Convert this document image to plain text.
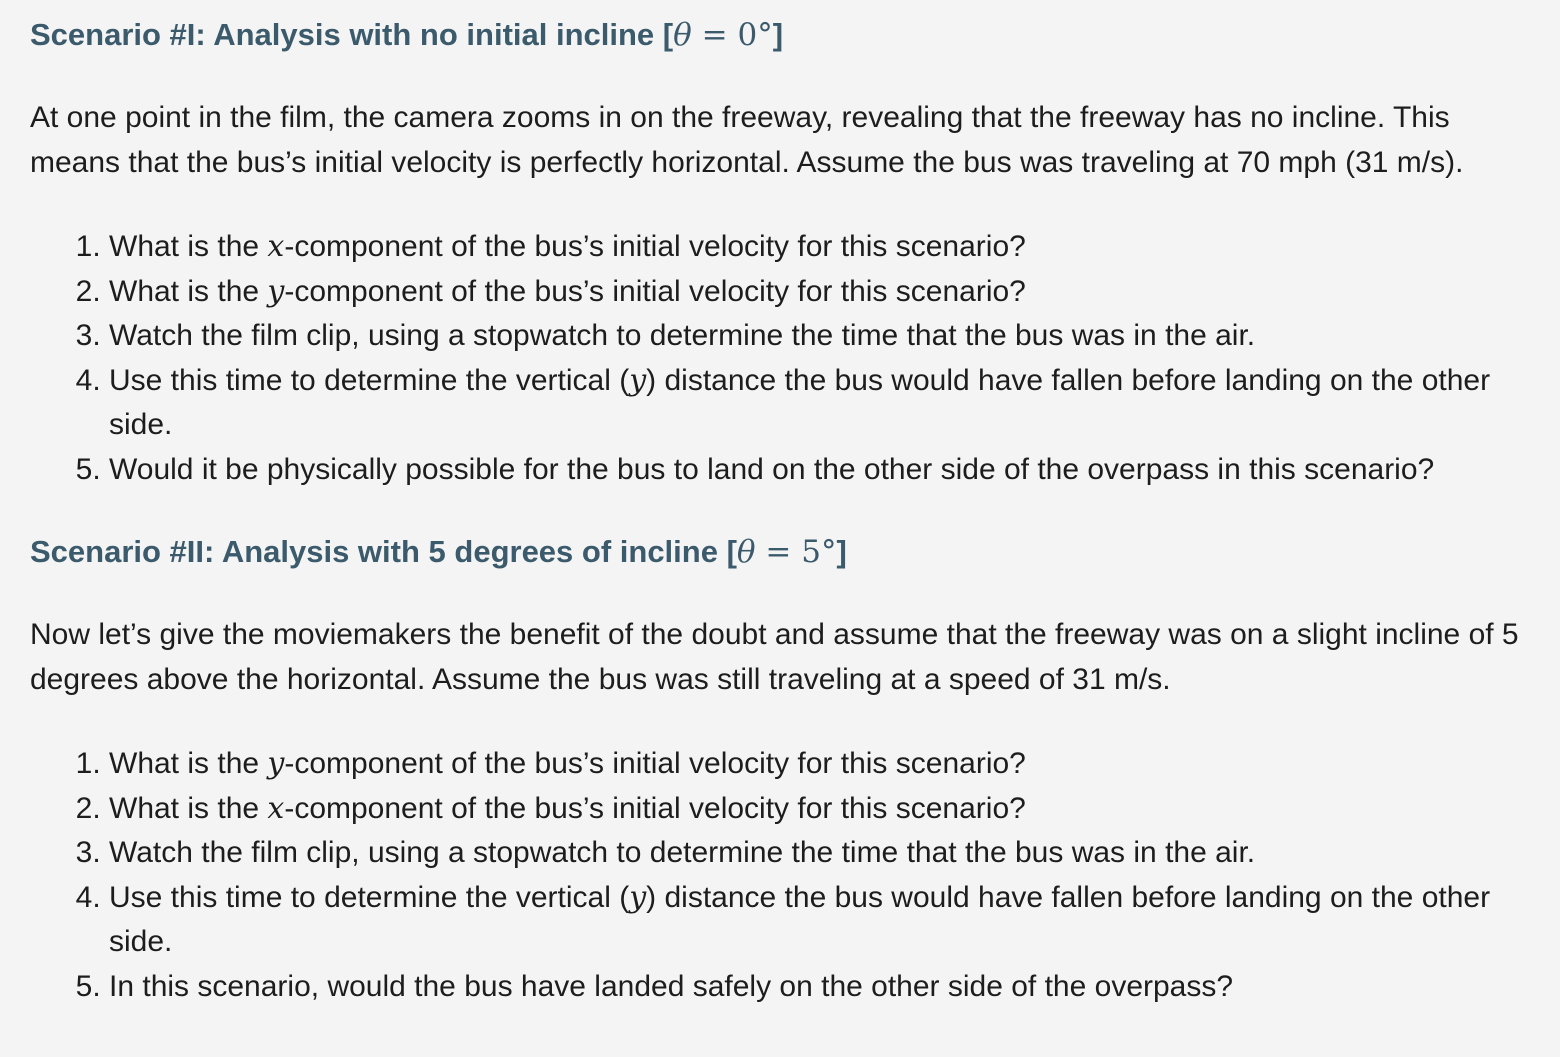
Scenario #I: Analysis with no initial incline [θ = 0°]

At one point in the film, the camera zooms in on the freeway, revealing that the freeway has no incline. This means that the bus’s initial velocity is perfectly horizontal. Assume the bus was traveling at 70 mph (31 m/s).

1. What is the x-component of the bus’s initial velocity for this scenario?
2. What is the y-component of the bus’s initial velocity for this scenario?
3. Watch the film clip, using a stopwatch to determine the time that the bus was in the air.
4. Use this time to determine the vertical (y) distance the bus would have fallen before landing on the other side.
5. Would it be physically possible for the bus to land on the other side of the overpass in this scenario?
Scenario #II: Analysis with 5 degrees of incline [θ = 5°]

Now let’s give the moviemakers the benefit of the doubt and assume that the freeway was on a slight incline of 5 degrees above the horizontal. Assume the bus was still traveling at a speed of 31 m/s.

1. What is the y-component of the bus’s initial velocity for this scenario?
2. What is the x-component of the bus’s initial velocity for this scenario?
3. Watch the film clip, using a stopwatch to determine the time that the bus was in the air.
4. Use this time to determine the vertical (y) distance the bus would have fallen before landing on the other side.
5. In this scenario, would the bus have landed safely on the other side of the overpass?
